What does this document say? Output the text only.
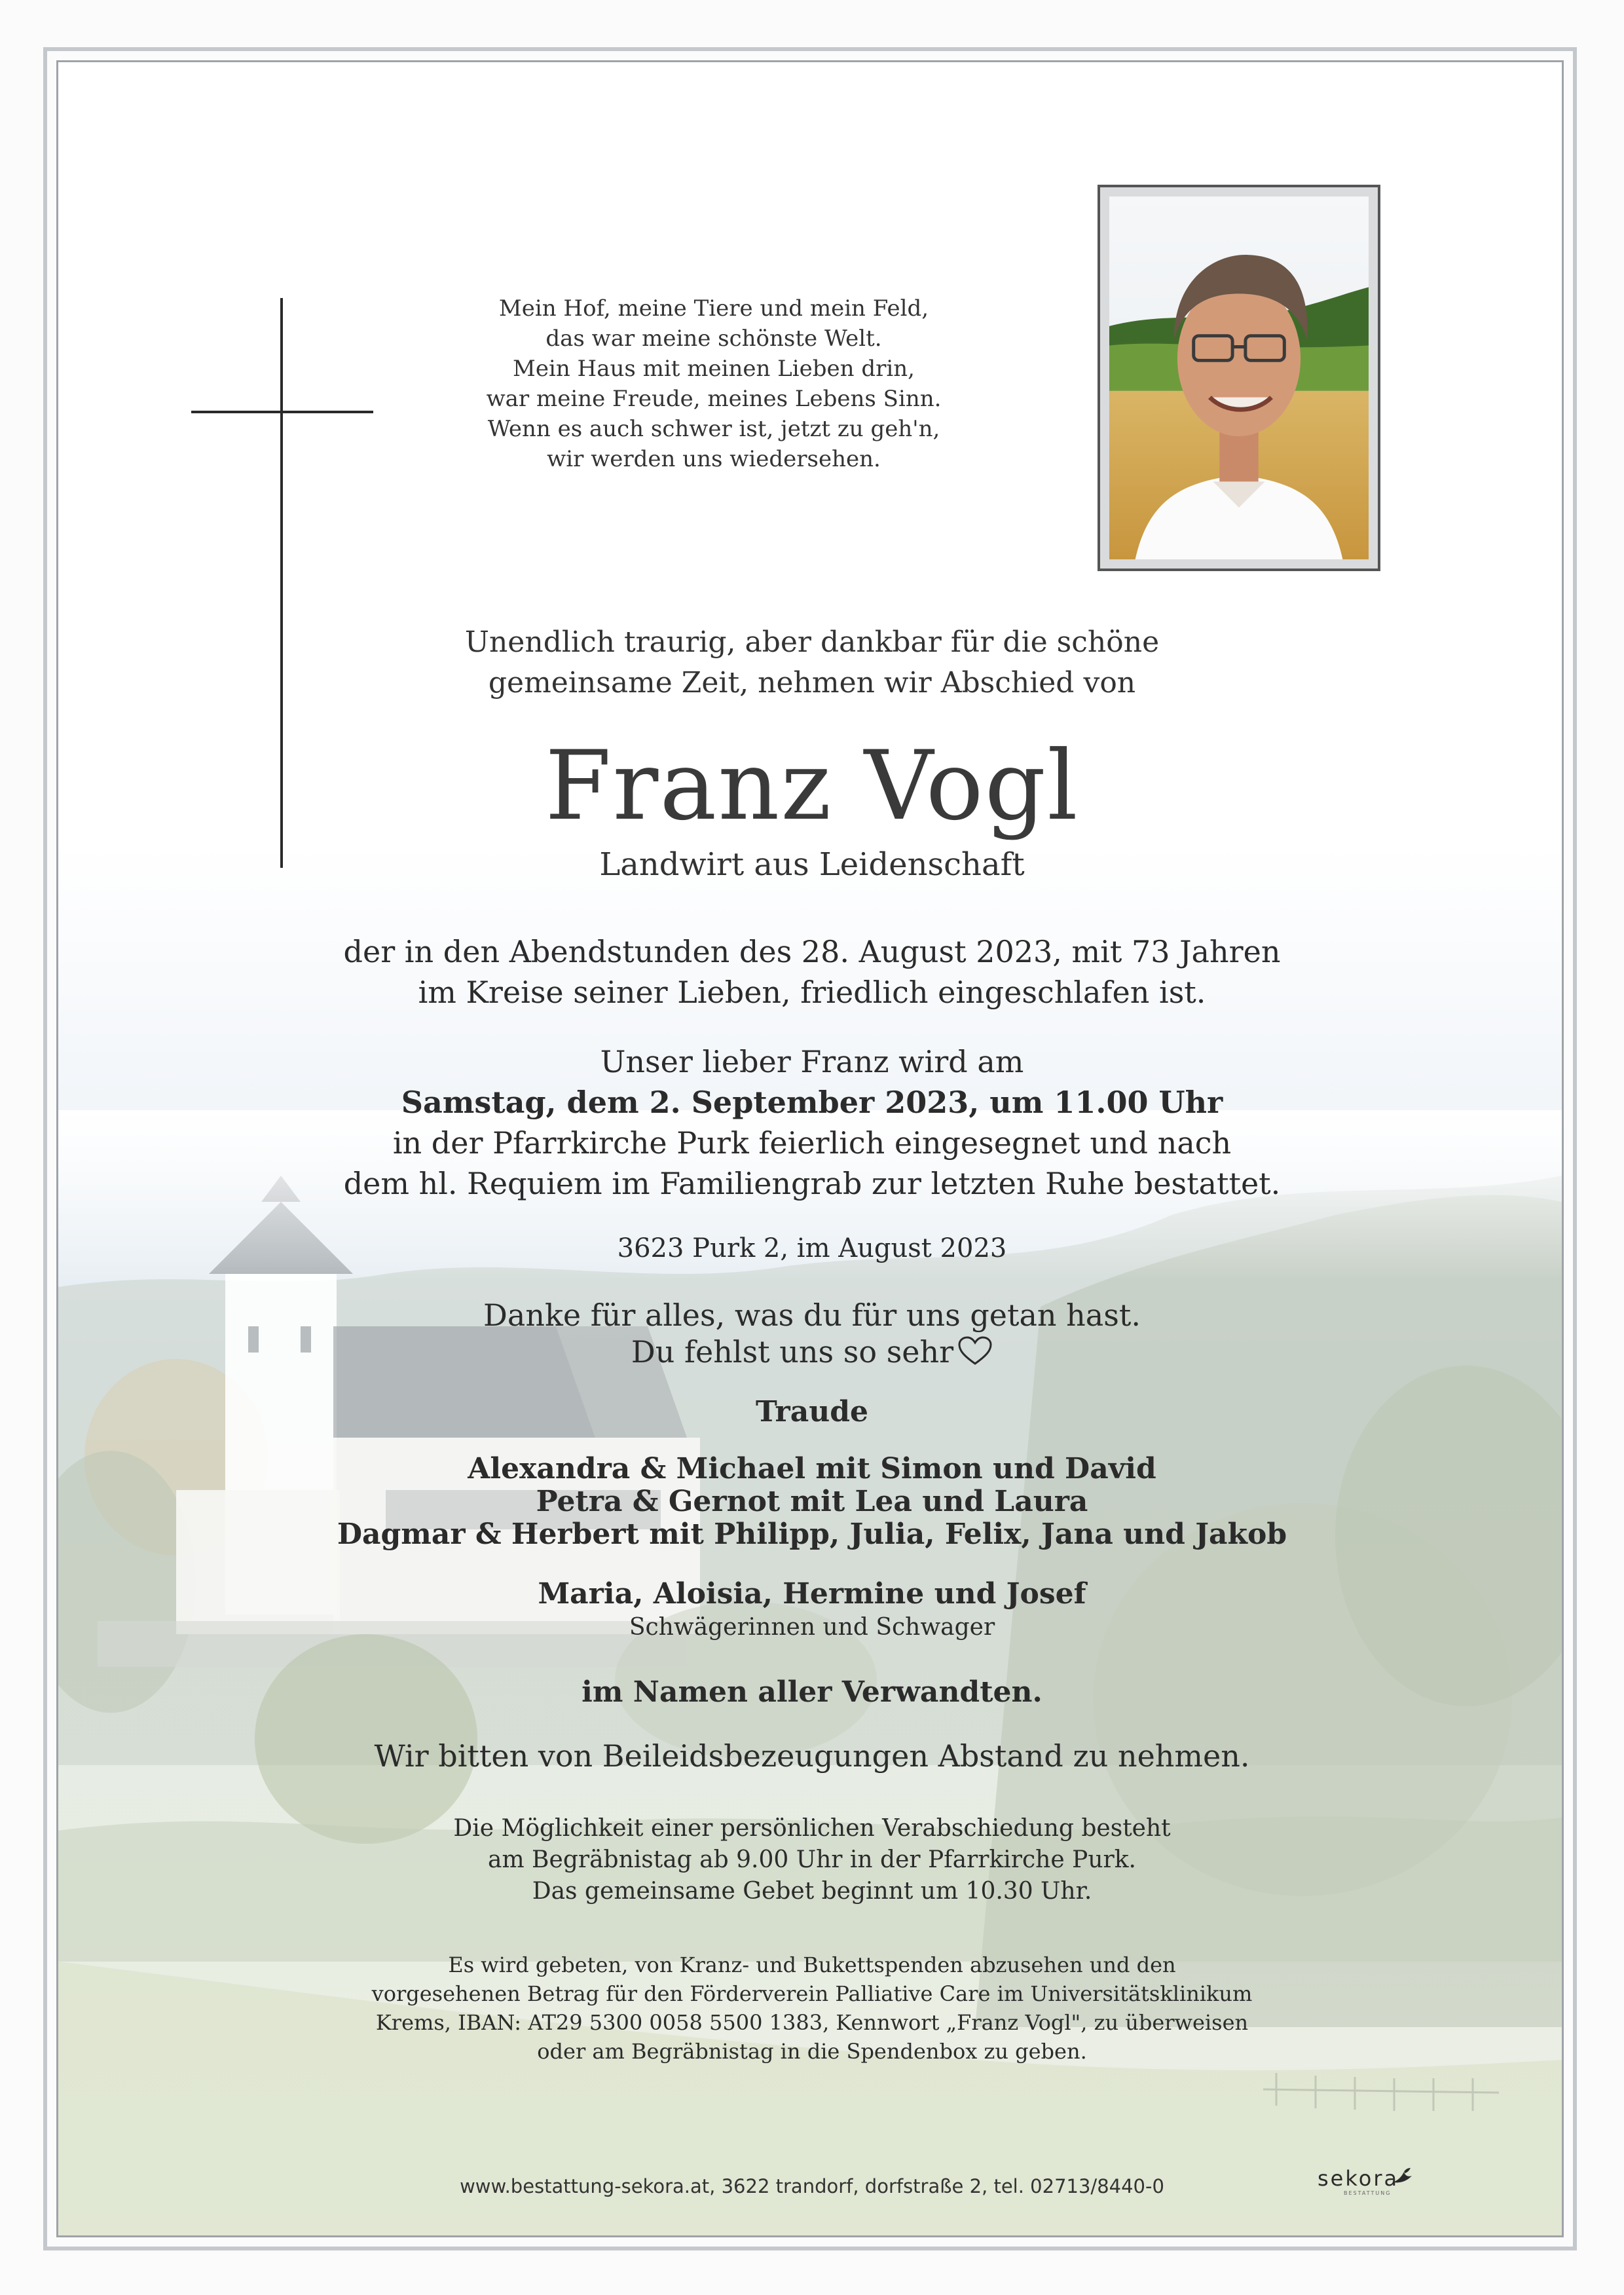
Mein Hof, meine Tiere und mein Feld,
das war meine schönste Welt.
Mein Haus mit meinen Lieben drin,
war meine Freude, meines Lebens Sinn.
Wenn es auch schwer ist, jetzt zu geh'n,
wir werden uns wiedersehen.
Unendlich traurig, aber dankbar für die schöne
gemeinsame Zeit, nehmen wir Abschied von
Franz Vogl
Landwirt aus Leidenschaft
der in den Abendstunden des 28. August 2023, mit 73 Jahren
im Kreise seiner Lieben, friedlich eingeschlafen ist.
Unser lieber Franz wird am
Samstag, dem 2. September 2023, um 11.00 Uhr
in der Pfarrkirche Purk feierlich eingesegnet und nach
dem hl. Requiem im Familiengrab zur letzten Ruhe bestattet.
3623 Purk 2, im August 2023
Danke für alles, was du für uns getan hast.
Du fehlst uns so sehr
Traude
Alexandra & Michael mit Simon und David
Petra & Gernot mit Lea und Laura
Dagmar & Herbert mit Philipp, Julia, Felix, Jana und Jakob
Maria, Aloisia, Hermine und Josef
Schwägerinnen und Schwager
im Namen aller Verwandten.
Wir bitten von Beileidsbezeugungen Abstand zu nehmen.
Die Möglichkeit einer persönlichen Verabschiedung besteht
am Begräbnistag ab 9.00 Uhr in der Pfarrkirche Purk.
Das gemeinsame Gebet beginnt um 10.30 Uhr.
Es wird gebeten, von Kranz- und Bukettspenden abzusehen und den
vorgesehenen Betrag für den Förderverein Palliative Care im Universitätsklinikum
Krems, IBAN: AT29 5300 0058 5500 1383, Kennwort „Franz Vogl", zu überweisen
oder am Begräbnistag in die Spendenbox zu geben.
www.bestattung-sekora.at, 3622 trandorf, dorfstraße 2, tel. 02713/8440-0	sekora
BESTATTUNG
